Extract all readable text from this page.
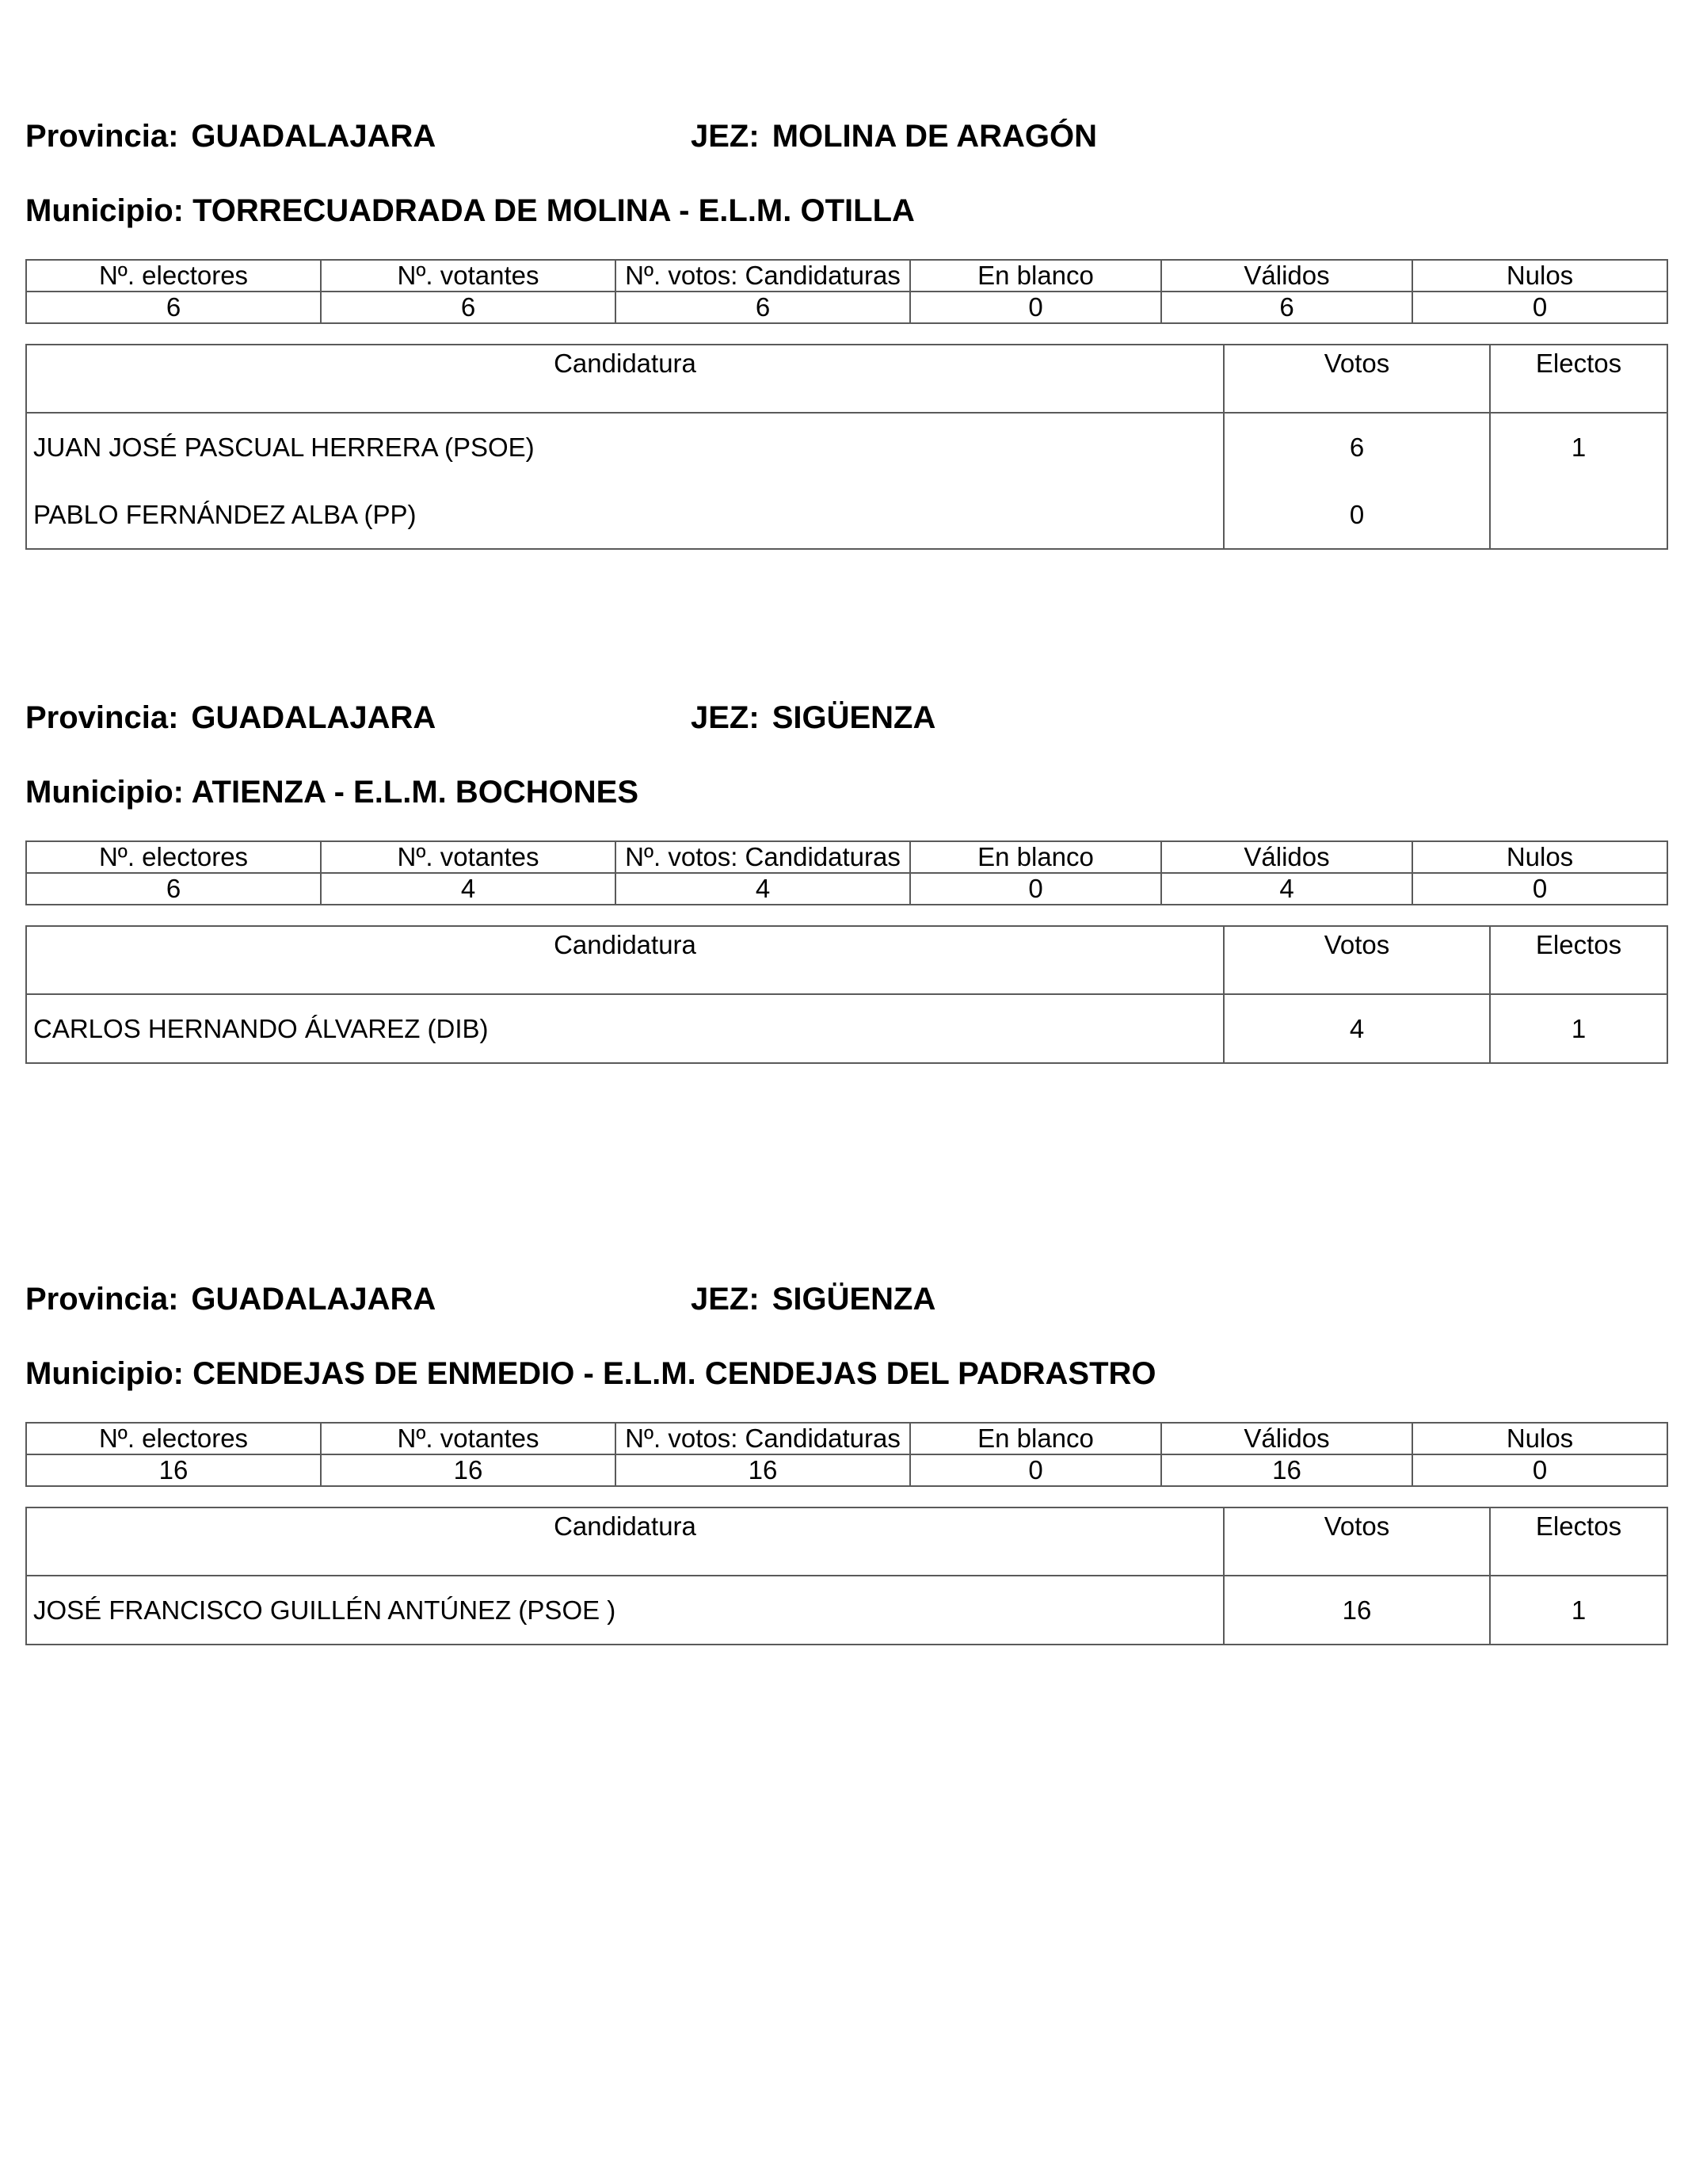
Provincia: GUADALAJARA	JEZ: MOLINA DE ARAGÓN
Municipio: TORRECUADRADA DE MOLINA - E.L.M. OTILLA
Nº. electores	Nº. votantes	Nº. votos: Candidaturas	En blanco	Válidos	Nulos
6	6	6	0	6	0
Candidatura	Votos	Electos
JUAN JOSÉ PASCUAL HERRERA (PSOE)	6	1
PABLO FERNÁNDEZ ALBA (PP)	0	
Provincia: GUADALAJARA	JEZ: SIGÜENZA
Municipio: ATIENZA - E.L.M. BOCHONES
Nº. electores	Nº. votantes	Nº. votos: Candidaturas	En blanco	Válidos	Nulos
6	4	4	0	4	0
Candidatura	Votos	Electos
CARLOS HERNANDO ÁLVAREZ (DIB)	4	1
Provincia: GUADALAJARA	JEZ: SIGÜENZA
Municipio: CENDEJAS DE ENMEDIO - E.L.M. CENDEJAS DEL PADRASTRO
Nº. electores	Nº. votantes	Nº. votos: Candidaturas	En blanco	Válidos	Nulos
16	16	16	0	16	0
Candidatura	Votos	Electos
JOSÉ FRANCISCO GUILLÉN ANTÚNEZ (PSOE )	16	1
